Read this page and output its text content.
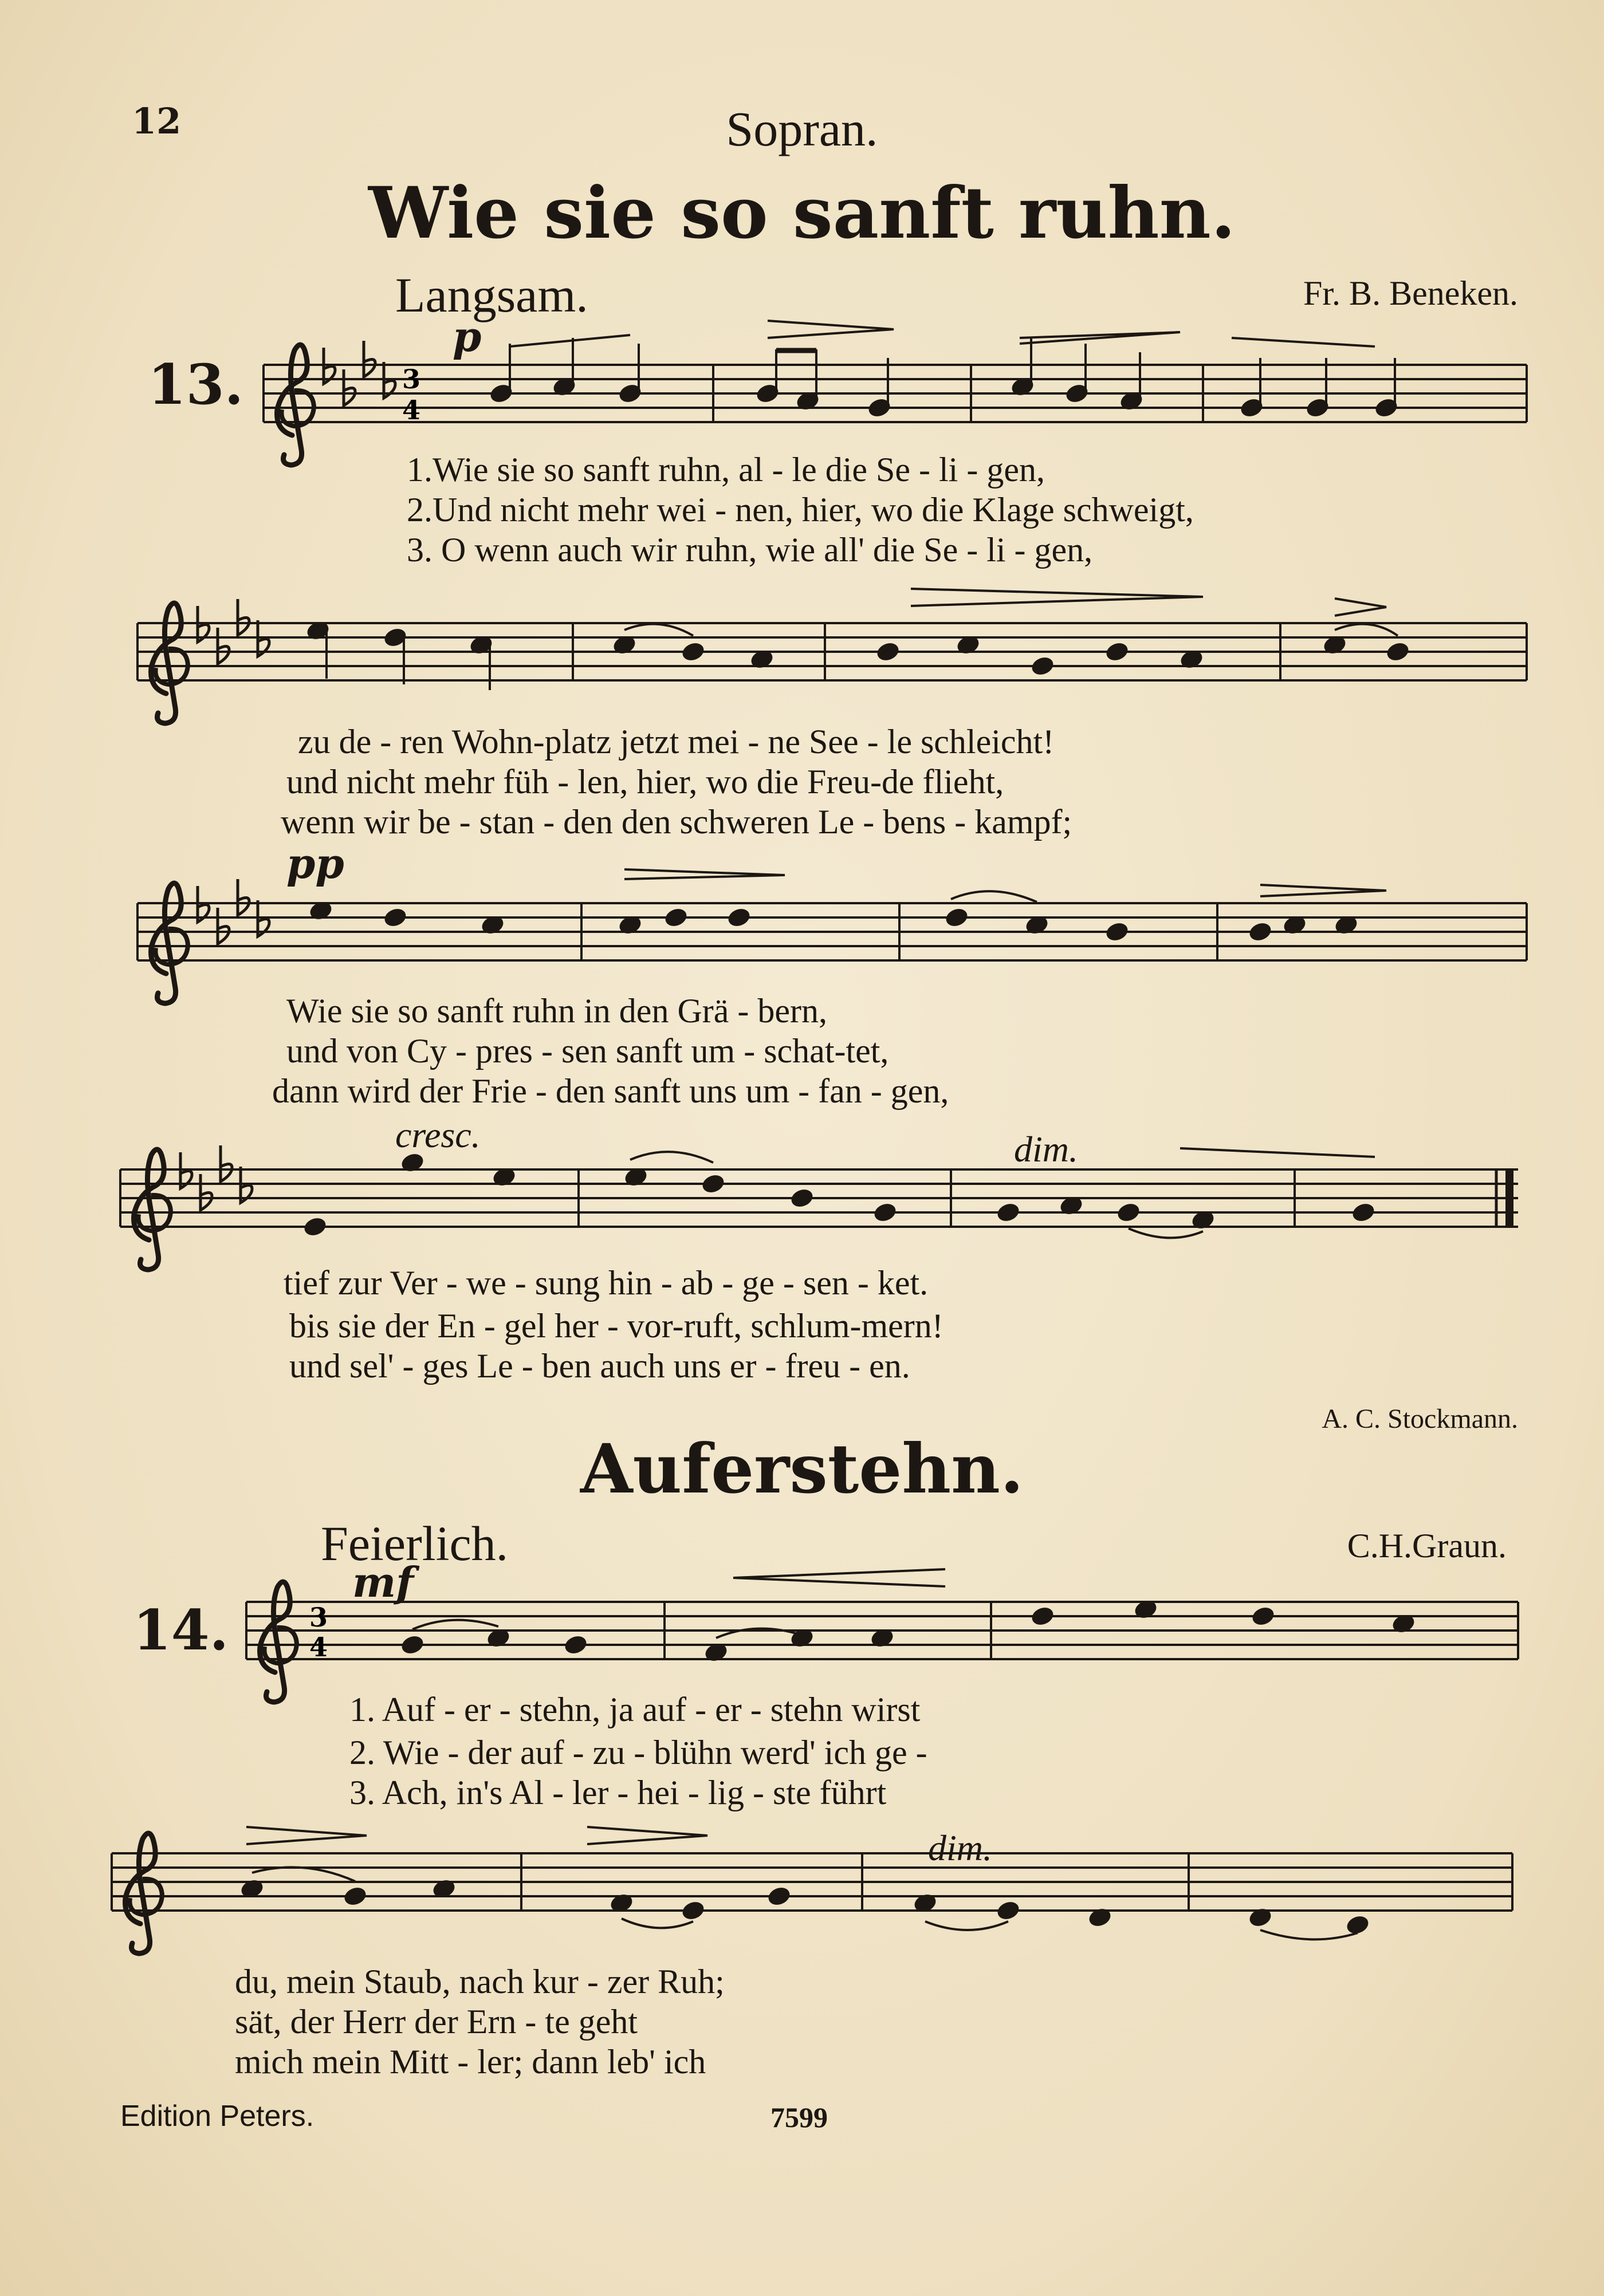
12	Sopran.
Wie sie so sanft ruhn.
Langsam.	Fr. B. Beneken.
13.	3
4
3
4
p
pp
cresc.	dim.
1.Wie sie so sanft ruhn, al - le die Se - li - gen,
2.Und nicht mehr wei - nen, hier, wo die Klage schweigt,
3. O wenn auch wir ruhn, wie all' die Se - li - gen,
zu de - ren Wohn-platz jetzt mei - ne See - le schleicht!
und nicht mehr füh - len, hier, wo die Freu-de flieht,
wenn wir be - stan - den den schweren Le - bens - kampf;
Wie sie so sanft ruhn in den Grä - bern,
und von Cy - pres - sen sanft um - schat-tet,
dann wird der Frie - den sanft uns um - fan - gen,
tief zur Ver - we - sung hin - ab - ge - sen - ket.
bis sie der En - gel her - vor-ruft, schlum-mern!
und sel' - ges Le - ben auch uns er - freu - en.
A. C. Stockmann.
Auferstehn.
Feierlich.	C.H.Graun.
14.
mf
dim.
1. Auf - er - stehn, ja auf - er - stehn wirst
2. Wie - der auf - zu - blühn werd' ich ge -
3. Ach, in's Al - ler - hei - lig - ste führt
du, mein Staub, nach kur - zer Ruh;
sät, der Herr der Ern - te geht
mich mein Mitt - ler; dann leb' ich
Edition Peters.	7599
